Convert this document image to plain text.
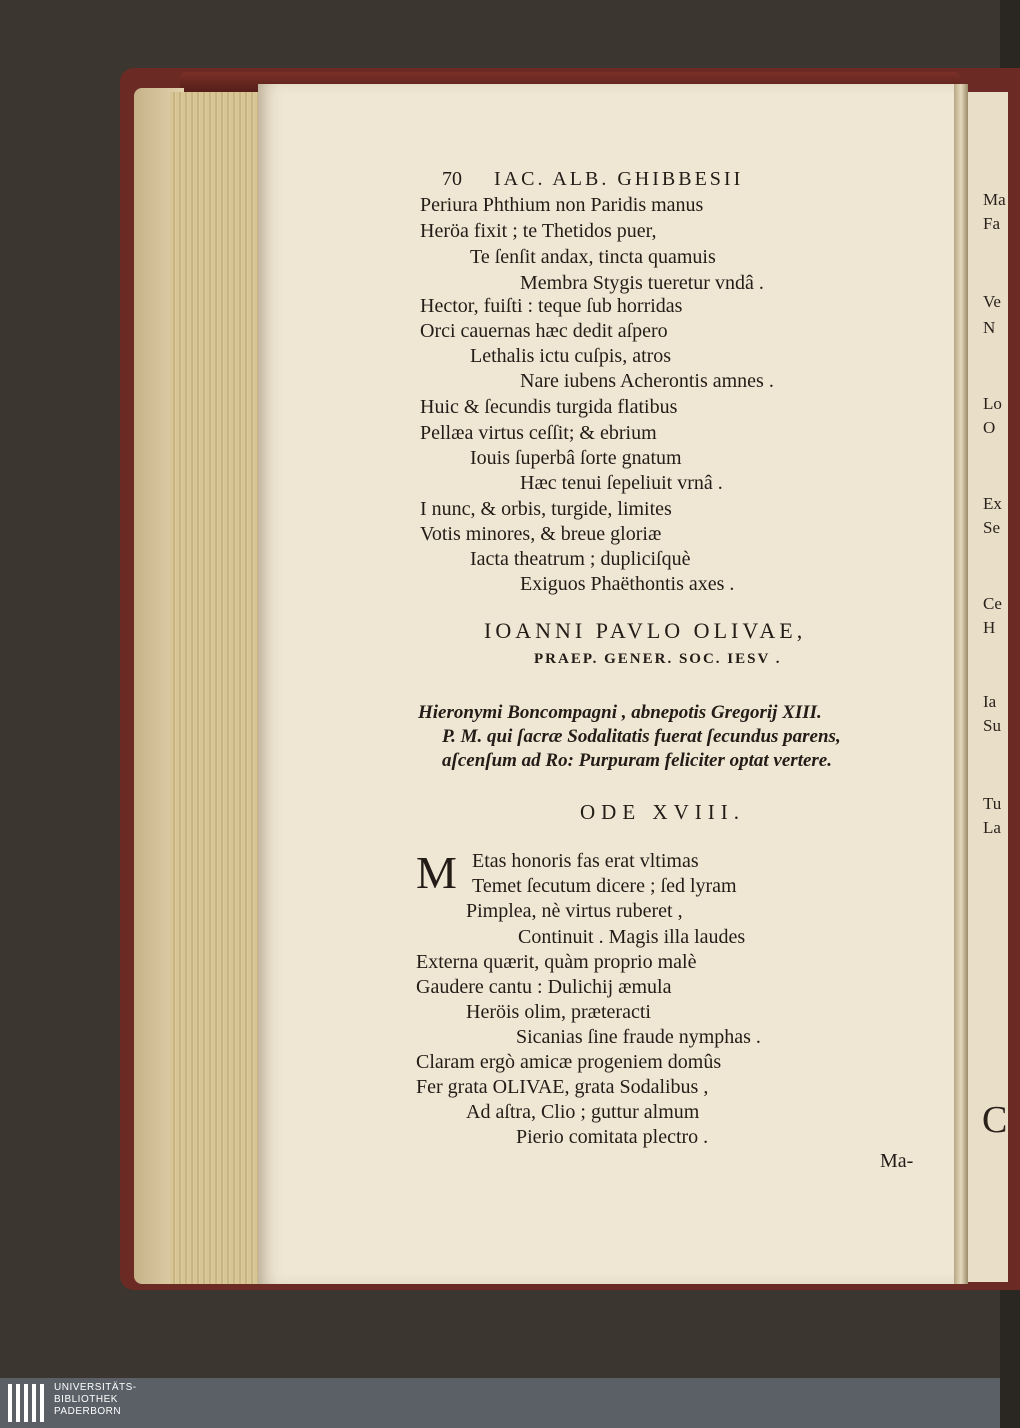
Ma
Fa
Ve
N
Lo
O
Ex
Se
Ce
H
Ia
Su
Tu
La
C
70 IAC. ALB. GHIBBESII
Periura Phthium non Paridis manus
Heröa fixit ; te Thetidos puer,
Te ſenſit andax, tincta quamuis
Membra Stygis tueretur vndâ .
Hector, fuiſti : teque ſub horridas
Orci cauernas hæc dedit aſpero
Lethalis ictu cuſpis, atros
Nare iubens Acherontis amnes .
Huic & ſecundis turgida flatibus
Pellæa virtus ceſſit; & ebrium
Iouis ſuperbâ ſorte gnatum
Hæc tenui ſepeliuit vrnâ .
I nunc, & orbis, turgide, limites
Votis minores, & breue gloriæ
Iacta theatrum ; dupliciſquè
Exiguos Phaëthontis axes .
IOANNI PAVLO OLIVAE,
PRAEP. GENER. SOC. IESV .
Hieronymi Boncompagni , abnepotis Gregorij XIII.
P. M. qui ſacræ Sodalitatis fuerat ſecundus parens,
aſcenſum ad Ro: Purpuram feliciter optat vertere.
ODE XVIII.
M Etas honoris fas erat vltimas
Temet ſecutum dicere ; ſed lyram
Pimplea, nè virtus ruberet ,
Continuit . Magis illa laudes
Externa quærit, quàm proprio malè
Gaudere cantu : Dulichij æmula
Heröis olim, præteracti
Sicanias ſine fraude nymphas .
Claram ergò amicæ progeniem domûs
Fer grata OLIVAE, grata Sodalibus ,
Ad aſtra, Clio ; guttur almum
Pierio comitata plectro .
Ma-
UNIVERSITÄTS-
BIBLIOTHEK
PADERBORN
